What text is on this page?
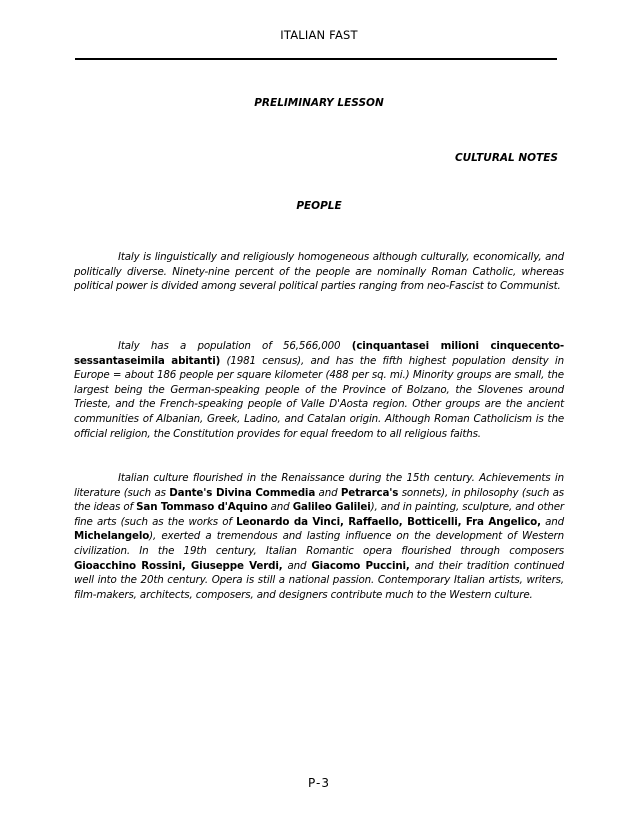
ITALIAN FAST
PRELIMINARY LESSON
CULTURAL NOTES
PEOPLE
Italy is linguistically and religiously homogeneous although culturally, economically, and politically diverse. Ninety-nine percent of the people are nominally Roman Catholic, whereas political power is divided among several political parties ranging from neo-Fascist to Communist.
Italy has a population of 56,566,000 (cinquantasei milioni cinquecento-sessantaseimila abitanti) (1981 census), and has the fifth highest population density in Europe = about 186 people per square kilometer (488 per sq. mi.) Minority groups are small, the largest being the German-speaking people of the Province of Bolzano, the Slovenes around Trieste, and the French-speaking people of Valle D'Aosta region. Other groups are the ancient communities of Albanian, Greek, Ladino, and Catalan origin. Although Roman Catholicism is the official religion, the Constitution provides for equal freedom to all religious faiths.
Italian culture flourished in the Renaissance during the 15th century. Achievements in literature (such as Dante's Divina Commedia and Petrarca's sonnets), in philosophy (such as the ideas of San Tommaso d'Aquino and Galileo Galilei), and in painting, sculpture, and other fine arts (such as the works of Leonardo da Vinci, Raffaello, Botticelli, Fra Angelico, and Michelangelo), exerted a tremendous and lasting influence on the development of Western civilization. In the 19th century, Italian Romantic opera flourished through composers Gioacchino Rossini, Giuseppe Verdi, and Giacomo Puccini, and their tradition continued well into the 20th century. Opera is still a national passion. Contemporary Italian artists, writers, film-makers, architects, composers, and designers contribute much to the Western culture.
P-3
